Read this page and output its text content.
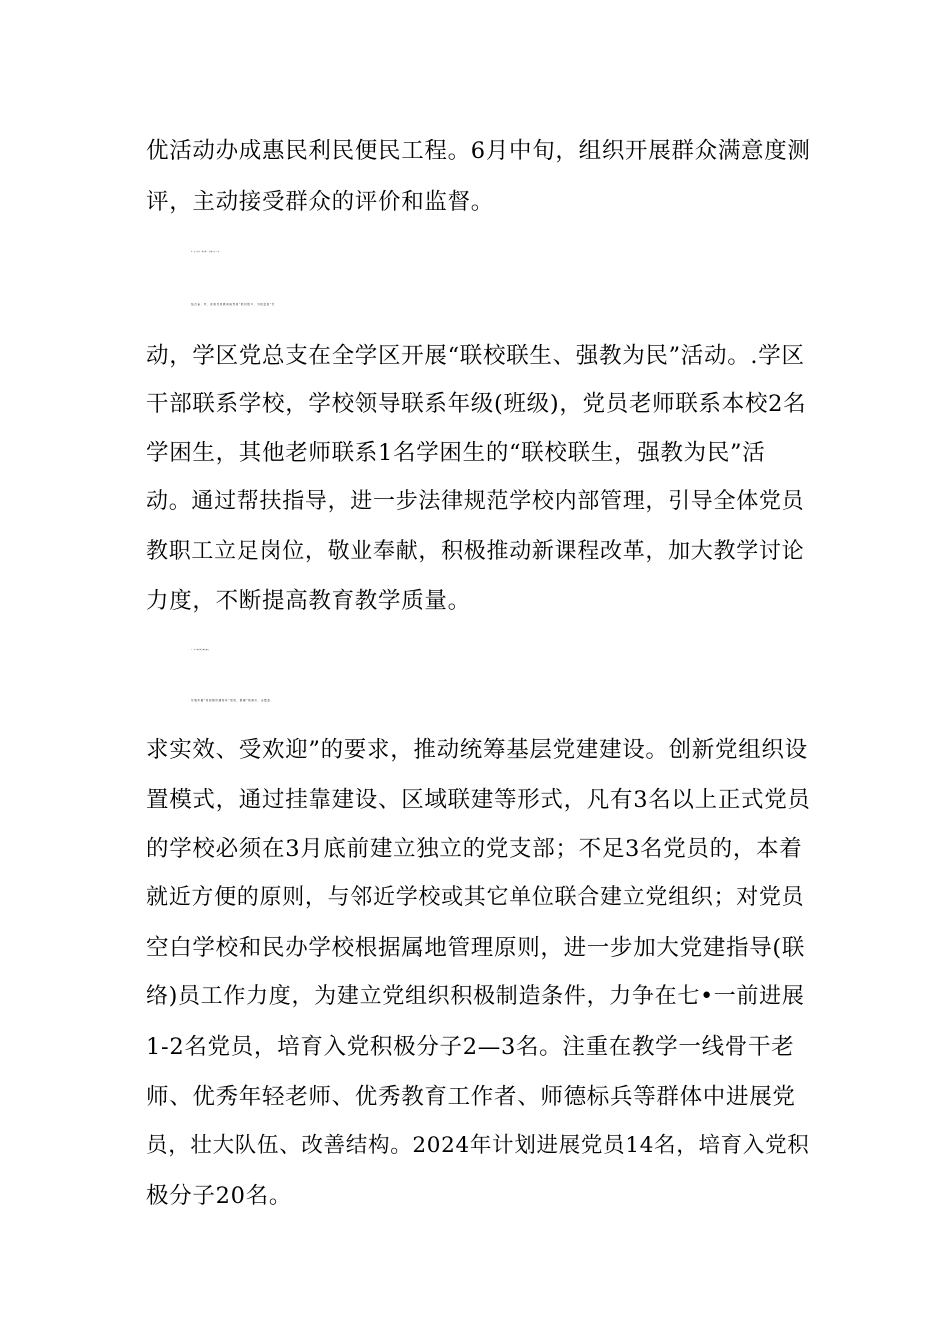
优活动办成惠民利民便民工程。6月中旬，组织开展群众满意度测
评，主动接受群众的评价和监督。
四、扎实开展 “联校联生，强教为民”行动
结合省、市、区委及区教育局党委“联村联户、为民富民”行
动，学区党总支在全学区开展“联校联生、强教为民”活动。.学区
干部联系学校，学校领导联系年级(班级)，党员老师联系本校2名
学困生，其他老师联系1名学困生的“联校联生，强教为民”活
动。通过帮扶指导，进一步法律规范学校内部管理，引导全体党员
教职工立足岗位，敬业奉献，积极推动新课程改革，加大教学讨论
力度，不断提高教育教学质量。
五、切实加强基层组织建设
仔细开展“基层组织建设年”活动，根据“抓落实、全覆盖、
求实效、受欢迎”的要求，推动统筹基层党建建设。创新党组织设
置模式，通过挂靠建设、区域联建等形式，凡有3名以上正式党员
的学校必须在3月底前建立独立的党支部；不足3名党员的，本着
就近方便的原则，与邻近学校或其它单位联合建立党组织；对党员
空白学校和民办学校根据属地管理原则，进一步加大党建指导(联
络)员工作力度，为建立党组织积极制造条件，力争在七•一前进展
1-2名党员，培育入党积极分子2—3名。注重在教学一线骨干老
师、优秀年轻老师、优秀教育工作者、师德标兵等群体中进展党
员，壮大队伍、改善结构。2024年计划进展党员14名，培育入党积
极分子20名。
